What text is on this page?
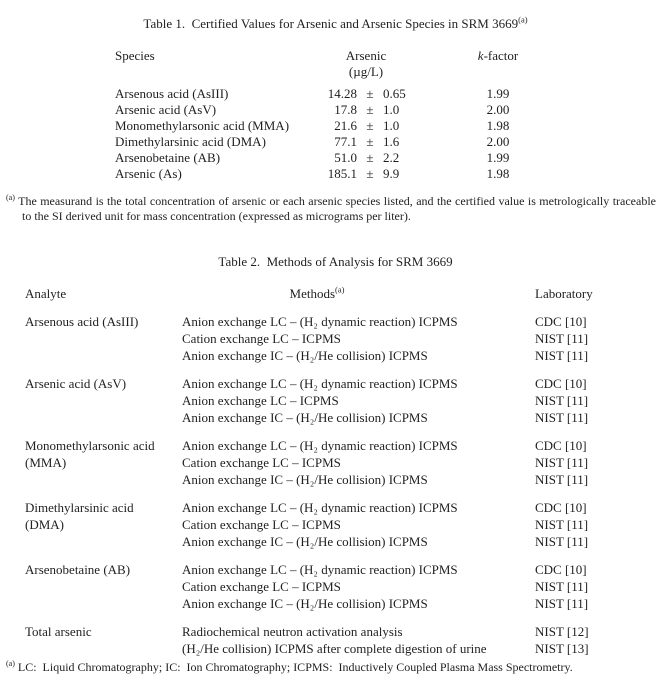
Table 1.  Certified Values for Arsenic and Arsenic Species in SRM 3669$^{(a)}$
Species	Arsenic	k-factor
(µg/L)
Arsenous acid (AsIII)	14.28 ± 0.65	1.99
Arsenic acid (AsV)	17.8 ± 1.0	2.00
Monomethylarsonic acid (MMA)	21.6 ± 1.0	1.98
Dimethylarsinic acid (DMA)	77.1 ± 1.6	2.00
Arsenobetaine (AB)	51.0 ± 2.2	1.99
Arsenic (As)	185.1 ± 9.9	1.98
$^{(a)}$ The measurand is the total concentration of arsenic or each arsenic species listed, and the certified value is metrologically traceable to the SI derived unit for mass concentration (expressed as micrograms per liter).
Table 2.  Methods of Analysis for SRM 3669
Analyte	Methods$^{(a)}$	Laboratory
Arsenous acid (AsIII)	Anion exchange LC – (H₂ dynamic reaction) ICPMS	CDC [10]
Cation exchange LC – ICPMS	NIST [11]
Anion exchange IC – (H₂/He collision) ICPMS	NIST [11]
Arsenic acid (AsV)	Anion exchange LC – (H₂ dynamic reaction) ICPMS	CDC [10]
Anion exchange LC – ICPMS	NIST [11]
Anion exchange IC – (H₂/He collision) ICPMS	NIST [11]
Monomethylarsonic acid
(MMA)
Anion exchange LC – (H₂ dynamic reaction) ICPMS	CDC [10]
Cation exchange LC – ICPMS	NIST [11]
Anion exchange IC – (H₂/He collision) ICPMS	NIST [11]
Dimethylarsinic acid
(DMA)
Anion exchange LC – (H₂ dynamic reaction) ICPMS	CDC [10]
Cation exchange LC – ICPMS	NIST [11]
Anion exchange IC – (H₂/He collision) ICPMS	NIST [11]
Arsenobetaine (AB)	Anion exchange LC – (H₂ dynamic reaction) ICPMS	CDC [10]
Cation exchange LC – ICPMS	NIST [11]
Anion exchange IC – (H₂/He collision) ICPMS	NIST [11]
Total arsenic	Radiochemical neutron activation analysis	NIST [12]
(H₂/He collision) ICPMS after complete digestion of urine	NIST [13]
$^{(a)}$ LC:  Liquid Chromatography; IC:  Ion Chromatography; ICPMS:  Inductively Coupled Plasma Mass Spectrometry.
